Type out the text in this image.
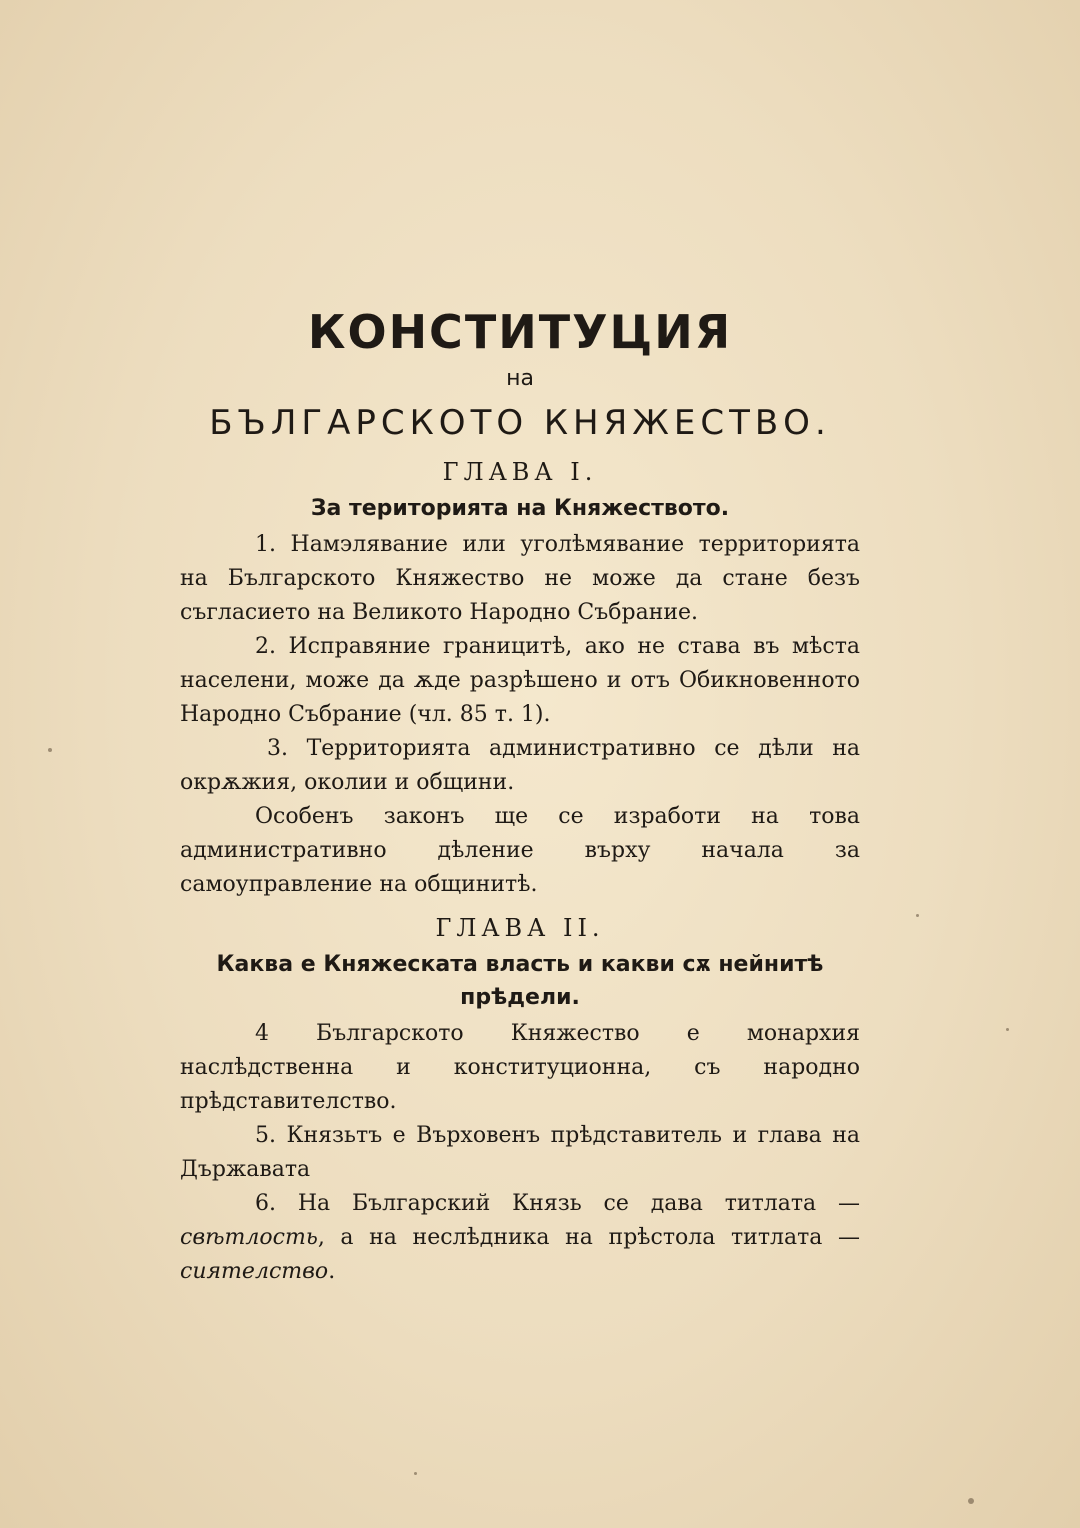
КОНСТИТУЦИЯ
на
БЪЛГАРСКОТО КНЯЖЕСТВО.
ГЛАВА I.
За територията на Княжеството.

1. Намэлявание или уголѣмявание территорията на Българското Княжество не може да стане безъ съгласието на Великото Народно Събрание.

2. Исправяние границитѣ, ако не става въ мѣста населени, може да ѫде разрѣшено и отъ Обикновенното Народно Събрание (чл. 85 т. 1).

3. Территорията административно се дѣли на окрѫжия, околии и общини.

Особенъ законъ ще се изработи на това административно дѣление върху начала за самоуправление на общинитѣ.

ГЛАВА II.
Каква е Княжеската власть и какви сѫ нейнитѣ прѣдели.

4 Българското Княжество е монархия наслѣдственна и конституционна, съ народно прѣдставителство.

5. Князьтъ е Върховенъ прѣдставитель и глава на Държавата

6. На Българский Князь се дава титлата — свѣтлость, а на неслѣдника на прѣстола титлата — сиятелство.
